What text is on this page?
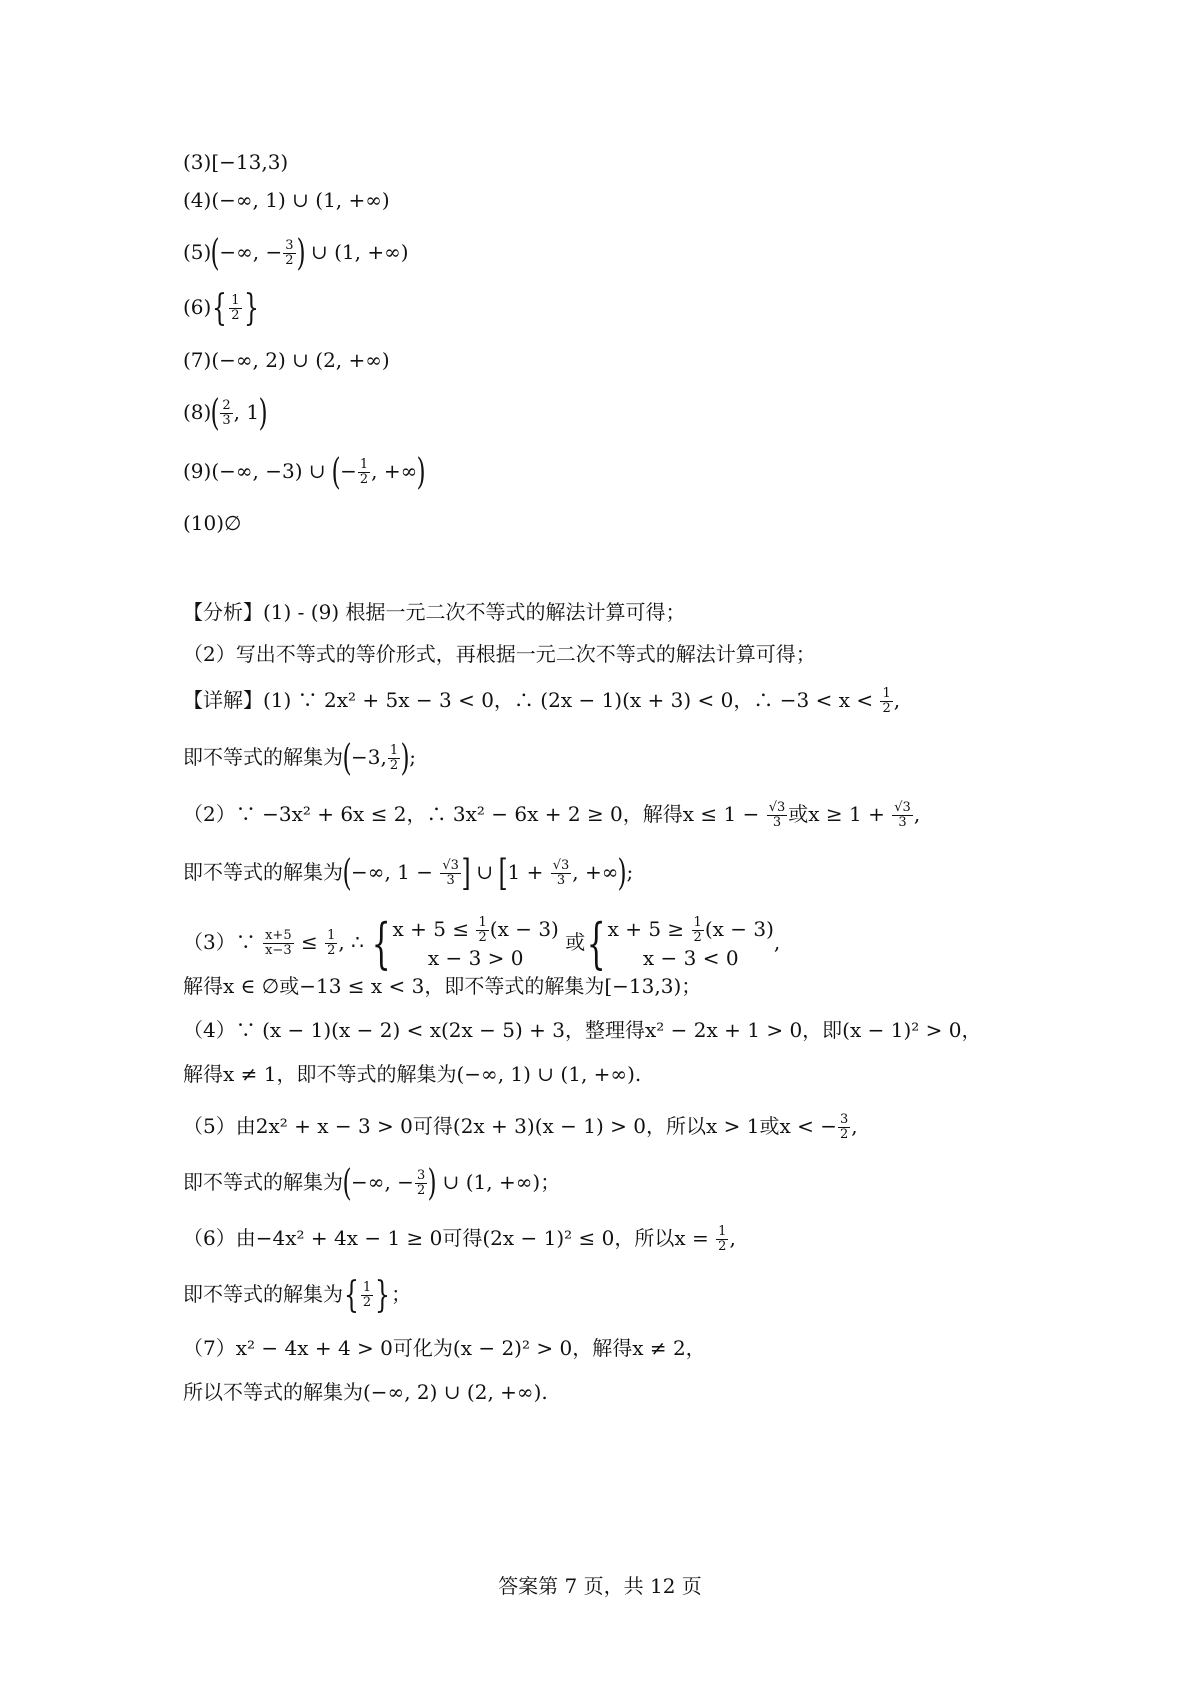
(3)[−13,3)
(4)(−∞, 1) ∪ (1, +∞)
(5)(−∞, − $\frac{3}{2}$ ) ∪ (1, +∞)
$(6)\{ \frac{1}{2}$ }
(7)(−∞, 2) ∪ (2, +∞)
$(8)( \frac{2}{3}$ , 1)
(9)(−∞, −3) ∪ (− $\frac{1}{2}$ , +∞)
(10)∅
【分析】(1) - (9) 根据一元二次不等式的解法计算可得；
（2）写出不等式的等价形式，再根据一元二次不等式的解法计算可得；
【详解】(1) ∵ 2x² + 5x − 3 < 0，∴ (2x − 1)(x + 3) < 0，∴ $-3 < x < \frac{1}{2}$ ,
即不等式的解集为(−3, $\frac{1}{2}$ );
（2）∵ −3x² + 6x ≤ 2，∴ 3x² − 6x + 2 ≥ 0，解得$x \le 1 - \frac{√3}{3}$ 或$x \ge 1 + \frac{√3}{3}$ ,
即不等式的解集为(−∞, $1 - \frac{√3}{3}$ ] ∪ [$1 + \frac{√3}{3}$ , +∞);
（3）∵ $\frac{x+5}{x-3} \le \frac{1}{2}$ , ∴ { $x + 5 \le \frac{1}{2} (x - 3)$
x − 3 > 0
或 { $x + 5 \ge \frac{1}{2} (x - 3)$
x − 3 < 0
,
解得x ∈ ∅或−13 ≤ x < 3，即不等式的解集为[−13,3)；
（4）∵ (x − 1)(x − 2) < x(2x − 5) + 3，整理得x² − 2x + 1 > 0，即(x − 1)² > 0，
解得x ≠ 1，即不等式的解集为(−∞, 1) ∪ (1, +∞).
（5）由2x² + x − 3 > 0可得(2x + 3)(x − 1) > 0，所以x > 1或x < − $\frac{3}{2}$ ,
即不等式的解集为(−∞, − $\frac{3}{2}$ ) ∪ (1, +∞)；
（6）由−4x² + 4x − 1 ≥ 0可得(2x − 1)² ≤ 0，所以$x = \frac{1}{2}$ ,
即不等式的解集为{ $\frac{1}{2}$ }；
（7）x² − 4x + 4 > 0可化为(x − 2)² > 0，解得x ≠ 2，
所以不等式的解集为(−∞, 2) ∪ (2, +∞).
答案第 7 页，共 12 页
